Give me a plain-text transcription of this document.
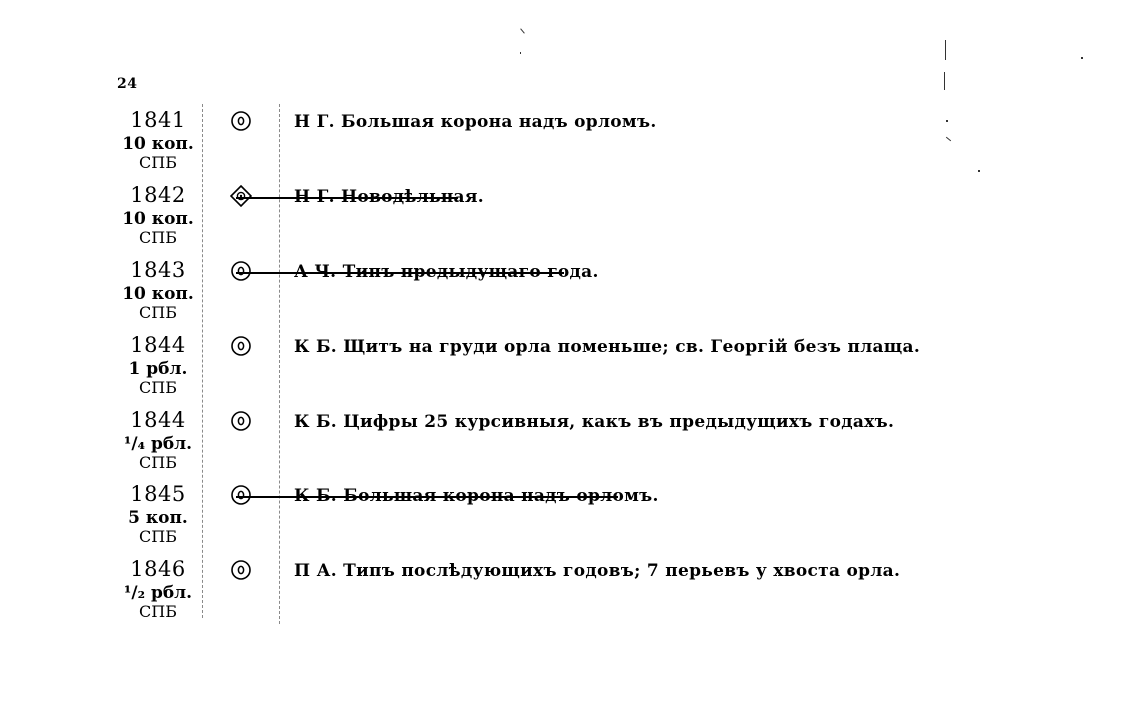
24
1841
10 коп.
СПБ
Н Г. Большая корона надъ орломъ.
1842
10 коп.
СПБ
Н Г. Новодѣльная.
1843
10 коп.
СПБ
А Ч. Типъ предыдущаго года.
1844
1 рбл.
СПБ
К Б. Щитъ на груди орла поменьше; св. Георгій безъ плаща.
1844
¹/₄ рбл.
СПБ
К Б. Цифры 25 курсивныя, какъ въ предыдущихъ годахъ.
1845
5 коп.
СПБ
К Б. Большая корона надъ орломъ.
1846
¹/₂ рбл.
СПБ
П А. Типъ послѣдующихъ годовъ; 7 перьевъ у хвоста орла.
